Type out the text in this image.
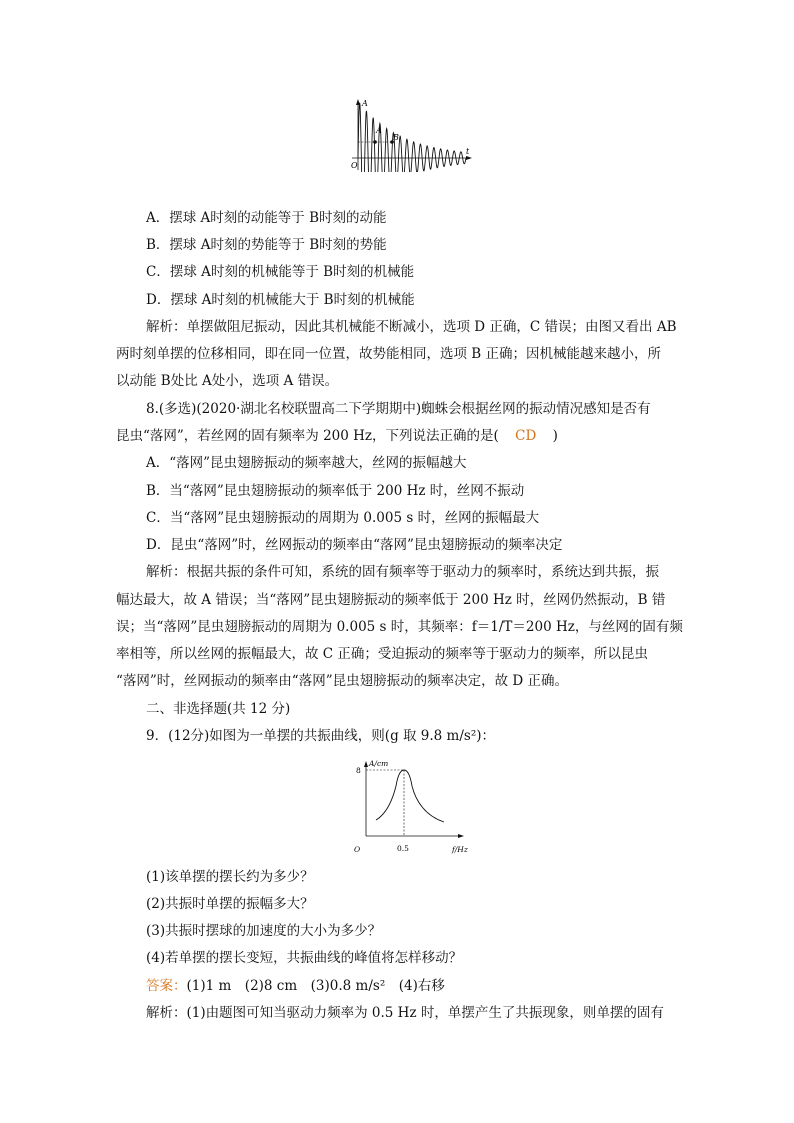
A
t
O
A
B
A．摆球 A时刻的动能等于 B时刻的动能
B．摆球 A时刻的势能等于 B时刻的势能
C．摆球 A时刻的机械能等于 B时刻的机械能
D．摆球 A时刻的机械能大于 B时刻的机械能
解析：单摆做阻尼振动，因此其机械能不断减小，选项 D 正确，C 错误；由图又看出 AB
两时刻单摆的位移相同，即在同一位置，故势能相同，选项 B 正确；因机械能越来越小，所
以动能 B处比 A处小，选项 A 错误。
8.(多选)(2020·湖北名校联盟高二下学期期中)蜘蛛会根据丝网的振动情况感知是否有
昆虫“落网”，若丝网的固有频率为 200 Hz，下列说法正确的是( CD )
A．“落网”昆虫翅膀振动的频率越大，丝网的振幅越大
B．当“落网”昆虫翅膀振动的频率低于 200 Hz 时，丝网不振动
C．当“落网”昆虫翅膀振动的周期为 0.005 s 时，丝网的振幅最大
D．昆虫“落网”时，丝网振动的频率由“落网”昆虫翅膀振动的频率决定
解析：根据共振的条件可知，系统的固有频率等于驱动力的频率时，系统达到共振，振
幅达最大，故 A 错误；当“落网”昆虫翅膀振动的频率低于 200 Hz 时，丝网仍然振动，B 错
误；当“落网”昆虫翅膀振动的周期为 0.005 s 时，其频率：f＝1/T＝200 Hz，与丝网的固有频
率相等，所以丝网的振幅最大，故 C 正确；受迫振动的频率等于驱动力的频率，所以昆虫
“落网”时，丝网振动的频率由“落网”昆虫翅膀振动的频率决定，故 D 正确。
二、非选择题(共 12 分)
9．(12分)如图为一单摆的共振曲线，则(g 取 9.8 m/s²)：
A/cm
f/Hz
O
8
0.5
(1)该单摆的摆长约为多少？
(2)共振时单摆的振幅多大？
(3)共振时摆球的加速度的大小为多少？
(4)若单摆的摆长变短，共振曲线的峰值将怎样移动？
答案：(1)1 m　(2)8 cm　(3)0.8 m/s²　(4)右移
解析：(1)由题图可知当驱动力频率为 0.5 Hz 时，单摆产生了共振现象，则单摆的固有
